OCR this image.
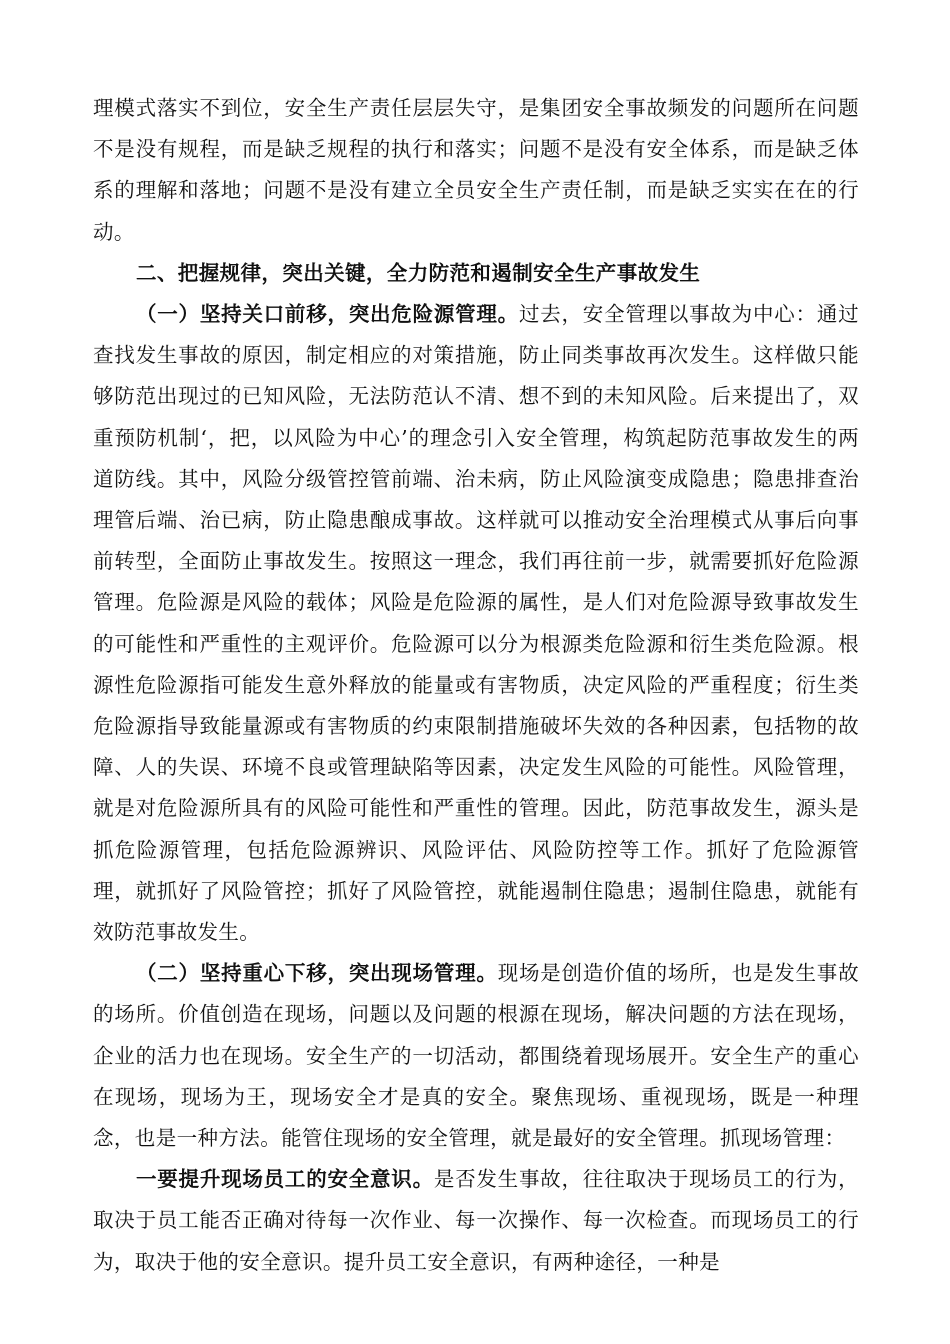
理模式落实不到位，安全生产责任层层失守，是集团安全事故频发的问题所在问题不是没有规程，而是缺乏规程的执行和落实；问题不是没有安全体系，而是缺乏体系的理解和落地；问题不是没有建立全员安全生产责任制，而是缺乏实实在在的行动。

二、把握规律，突出关键，全力防范和遏制安全生产事故发生

（一）坚持关口前移，突出危险源管理。过去，安全管理以事故为中心：通过查找发生事故的原因，制定相应的对策措施，防止同类事故再次发生。这样做只能够防范出现过的已知风险，无法防范认不清、想不到的未知风险。后来提出了，双重预防机制‘，把，以风险为中心’的理念引入安全管理，构筑起防范事故发生的两道防线。其中，风险分级管控管前端、治未病，防止风险演变成隐患；隐患排查治理管后端、治已病，防止隐患酿成事故。这样就可以推动安全治理模式从事后向事前转型，全面防止事故发生。按照这一理念，我们再往前一步，就需要抓好危险源管理。危险源是风险的载体；风险是危险源的属性，是人们对危险源导致事故发生的可能性和严重性的主观评价。危险源可以分为根源类危险源和衍生类危险源。根源性危险源指可能发生意外释放的能量或有害物质，决定风险的严重程度；衍生类危险源指导致能量源或有害物质的约束限制措施破坏失效的各种因素，包括物的故障、人的失误、环境不良或管理缺陷等因素，决定发生风险的可能性。风险管理，就是对危险源所具有的风险可能性和严重性的管理。因此，防范事故发生，源头是抓危险源管理，包括危险源辨识、风险评估、风险防控等工作。抓好了危险源管理，就抓好了风险管控；抓好了风险管控，就能遏制住隐患；遏制住隐患，就能有效防范事故发生。

（二）坚持重心下移，突出现场管理。现场是创造价值的场所，也是发生事故的场所。价值创造在现场，问题以及问题的根源在现场，解决问题的方法在现场，企业的活力也在现场。安全生产的一切活动，都围绕着现场展开。安全生产的重心在现场，现场为王，现场安全才是真的安全。聚焦现场、重视现场，既是一种理念，也是一种方法。能管住现场的安全管理，就是最好的安全管理。抓现场管理：

一要提升现场员工的安全意识。是否发生事故，往往取决于现场员工的行为，取决于员工能否正确对待每一次作业、每一次操作、每一次检查。而现场员工的行为，取决于他的安全意识。提升员工安全意识，有两种途径，一种是
